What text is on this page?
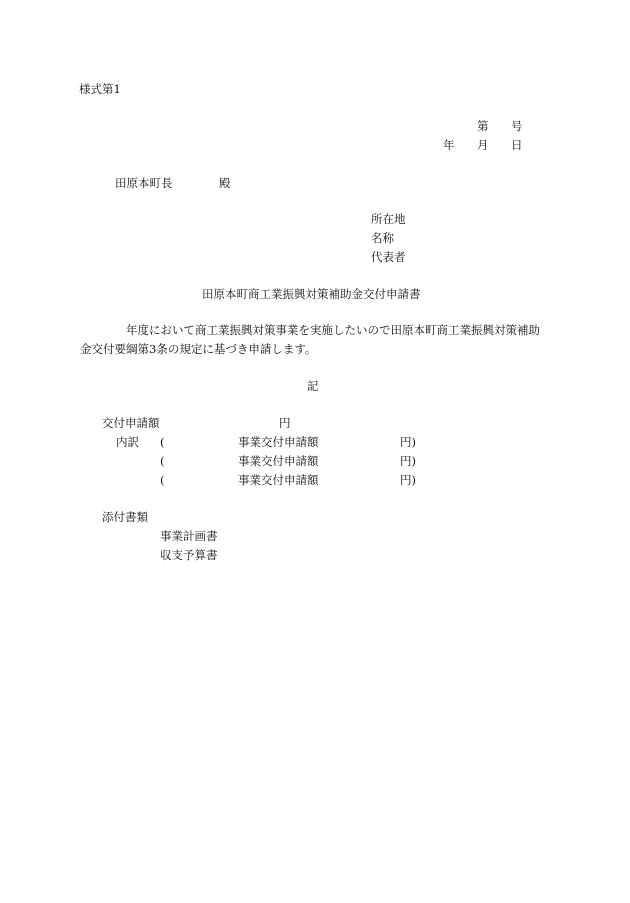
様式第1
第 号
年 月 日
田原本町長	殿
所在地
名称
代表者
田原本町商工業振興対策補助金交付申請書
年度において商工業振興対策事業を実施したいので田原本町商工業振興対策補助
金交付要綱第3条の規定に基づき申請します。
記
交付申請額	円
内訳 (	事業交付申請額	円)
(	事業交付申請額	円)
(	事業交付申請額	円)
添付書類
事業計画書
収支予算書
